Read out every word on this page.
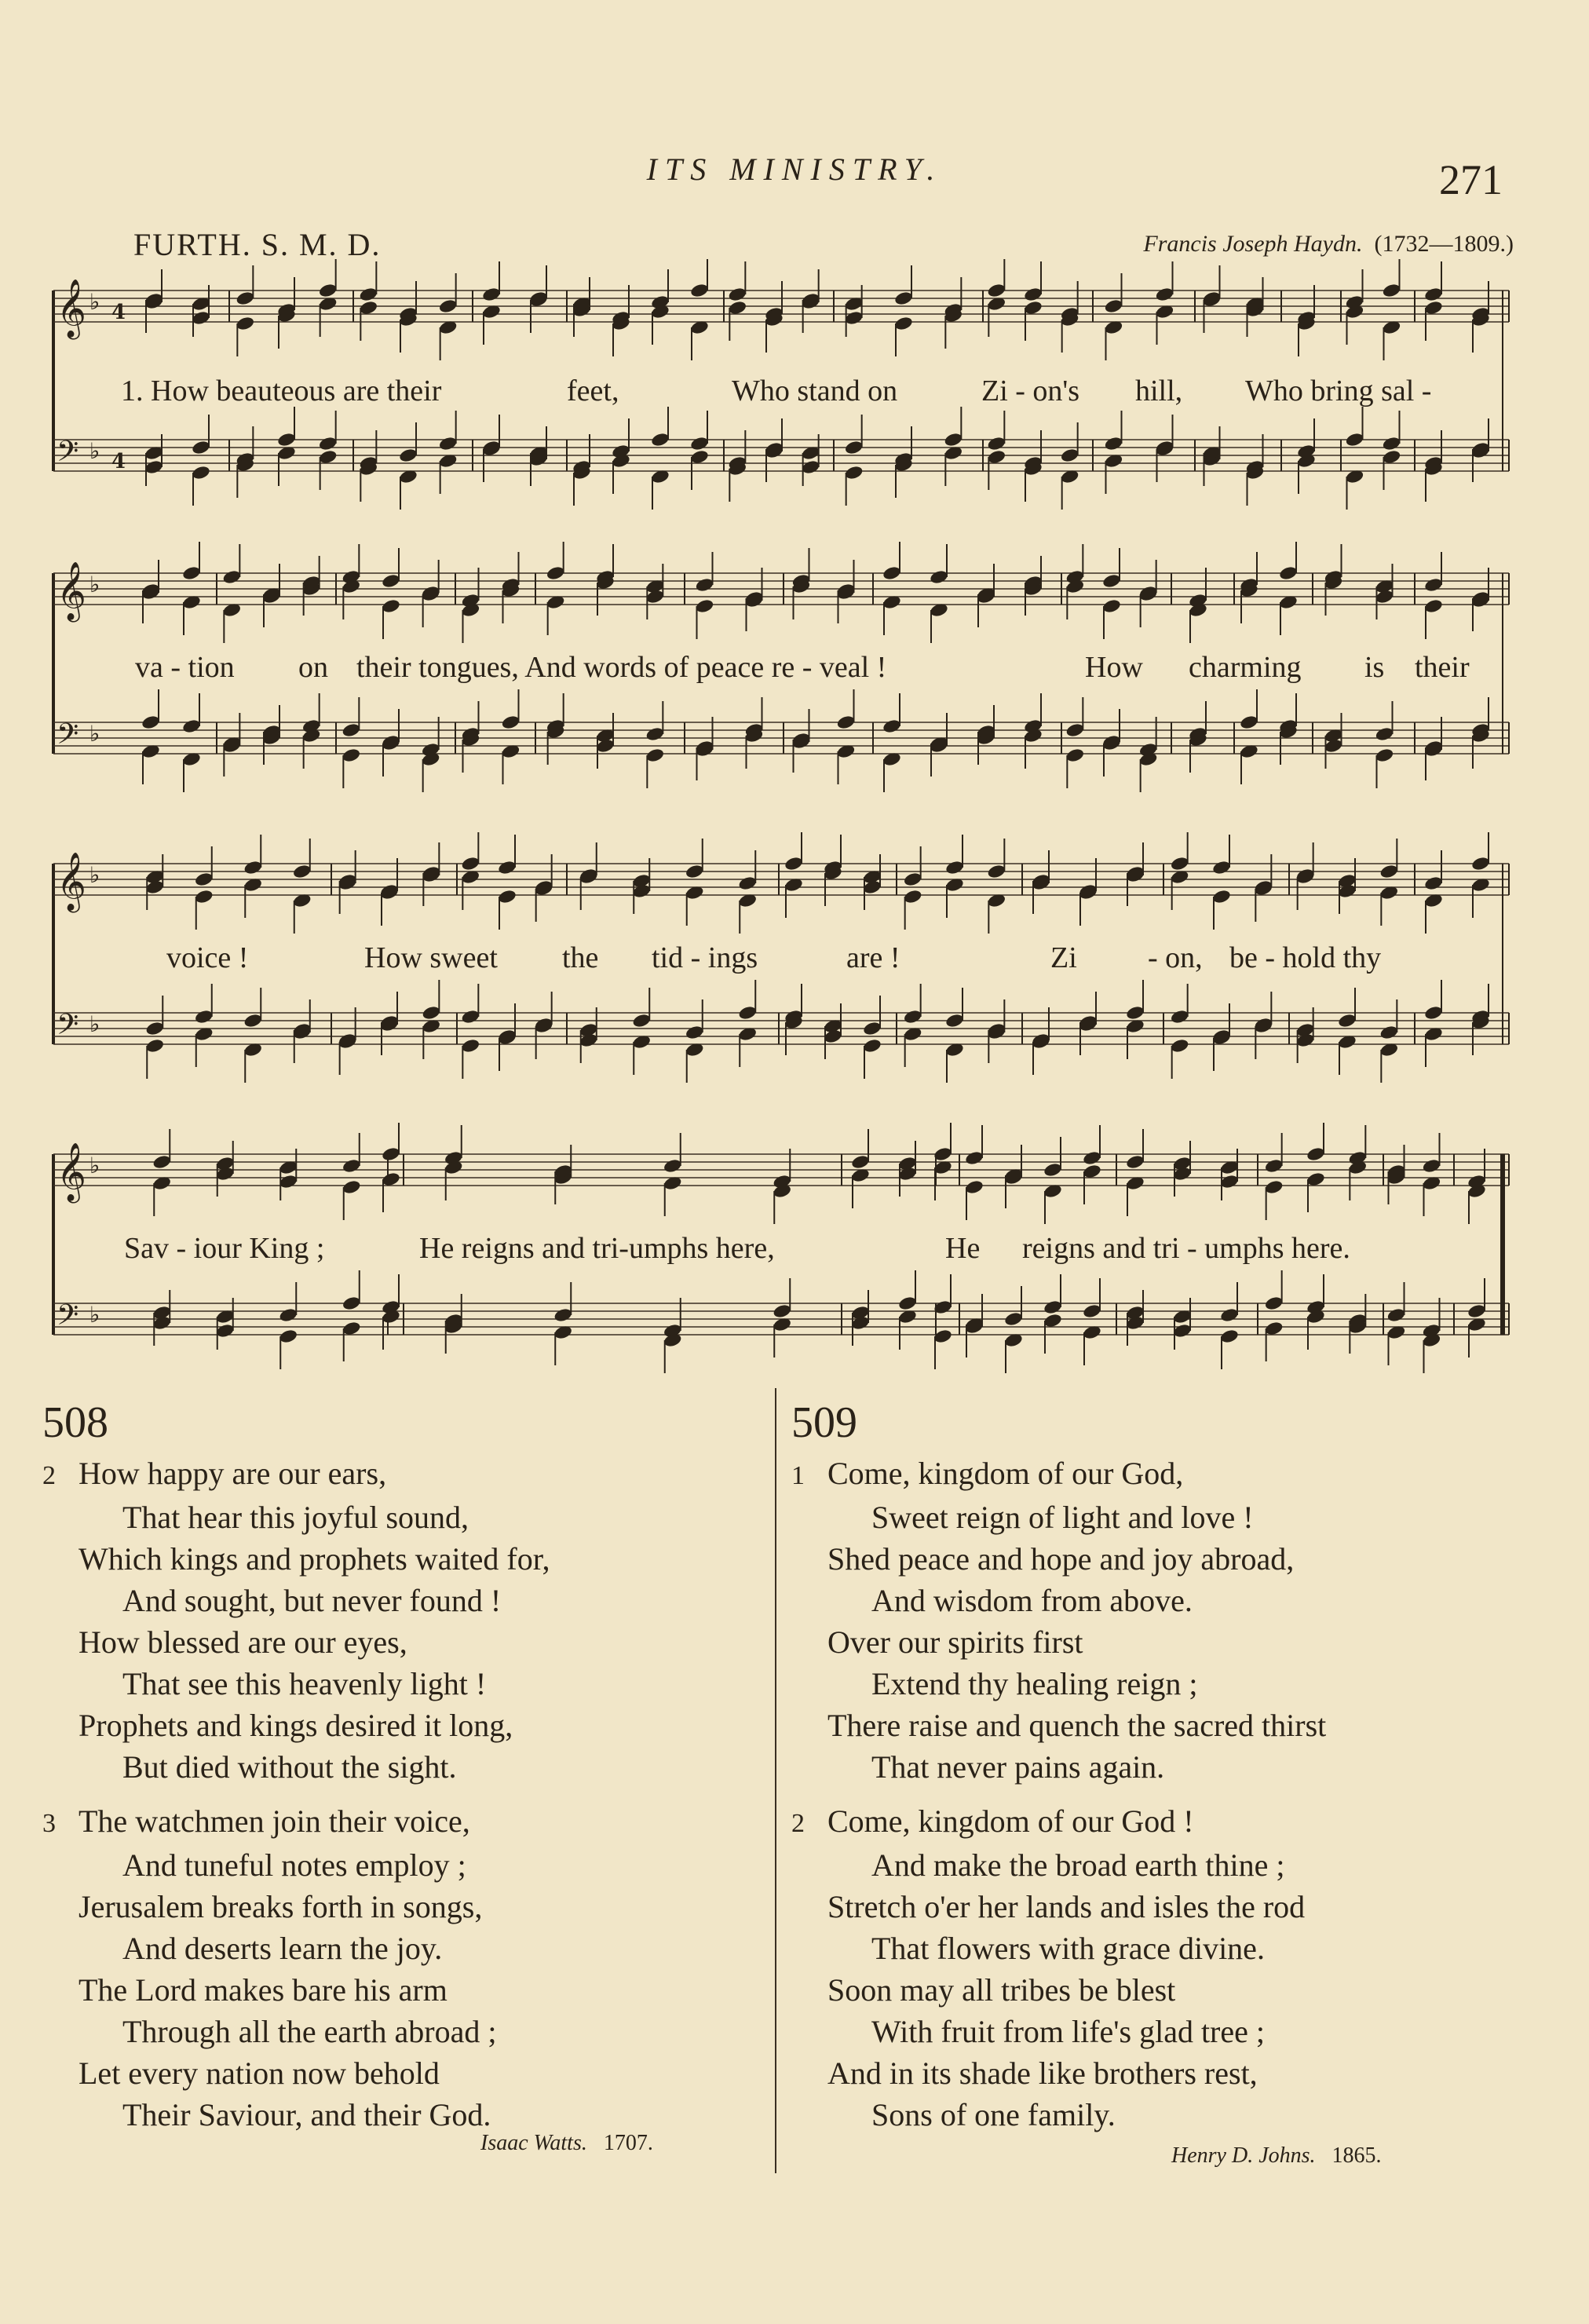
ITS MINISTRY.	271
FURTH. S. M. D.	Francis Joseph Haydn. (1732—1809.)
𝄞 ♭ 4
𝄢 ♭ 4
1. How beauteous are their	feet,	Who stand on	Zi - on's hill, Who bring sal -
𝄞 ♭
𝄢 ♭
va - tion on their tongues, And words of peace re - veal !	How charming is their
𝄞 ♭
𝄢 ♭
voice !	How sweet the tid - ings	are !	Zi - on, be - hold thy
𝄞 ♭
𝄢 ♭
Sav - iour King ;	He reigns and tri-umphs here,	He reigns and tri - umphs here.
508
2 How happy are our ears,
That hear this joyful sound,
Which kings and prophets waited for,
And sought, but never found !
How blessed are our eyes,
That see this heavenly light !
Prophets and kings desired it long,
But died without the sight.
3 The watchmen join their voice,
And tuneful notes employ ;
Jerusalem breaks forth in songs,
And deserts learn the joy.
The Lord makes bare his arm
Through all the earth abroad ;
Let every nation now behold
Their Saviour, and their God.
Isaac Watts. 1707.
509
1 Come, kingdom of our God,
Sweet reign of light and love !
Shed peace and hope and joy abroad,
And wisdom from above.
Over our spirits first
Extend thy healing reign ;
There raise and quench the sacred thirst
That never pains again.
2 Come, kingdom of our God !
And make the broad earth thine ;
Stretch o'er her lands and isles the rod
That flowers with grace divine.
Soon may all tribes be blest
With fruit from life's glad tree ;
And in its shade like brothers rest,
Sons of one family.
Henry D. Johns. 1865.
